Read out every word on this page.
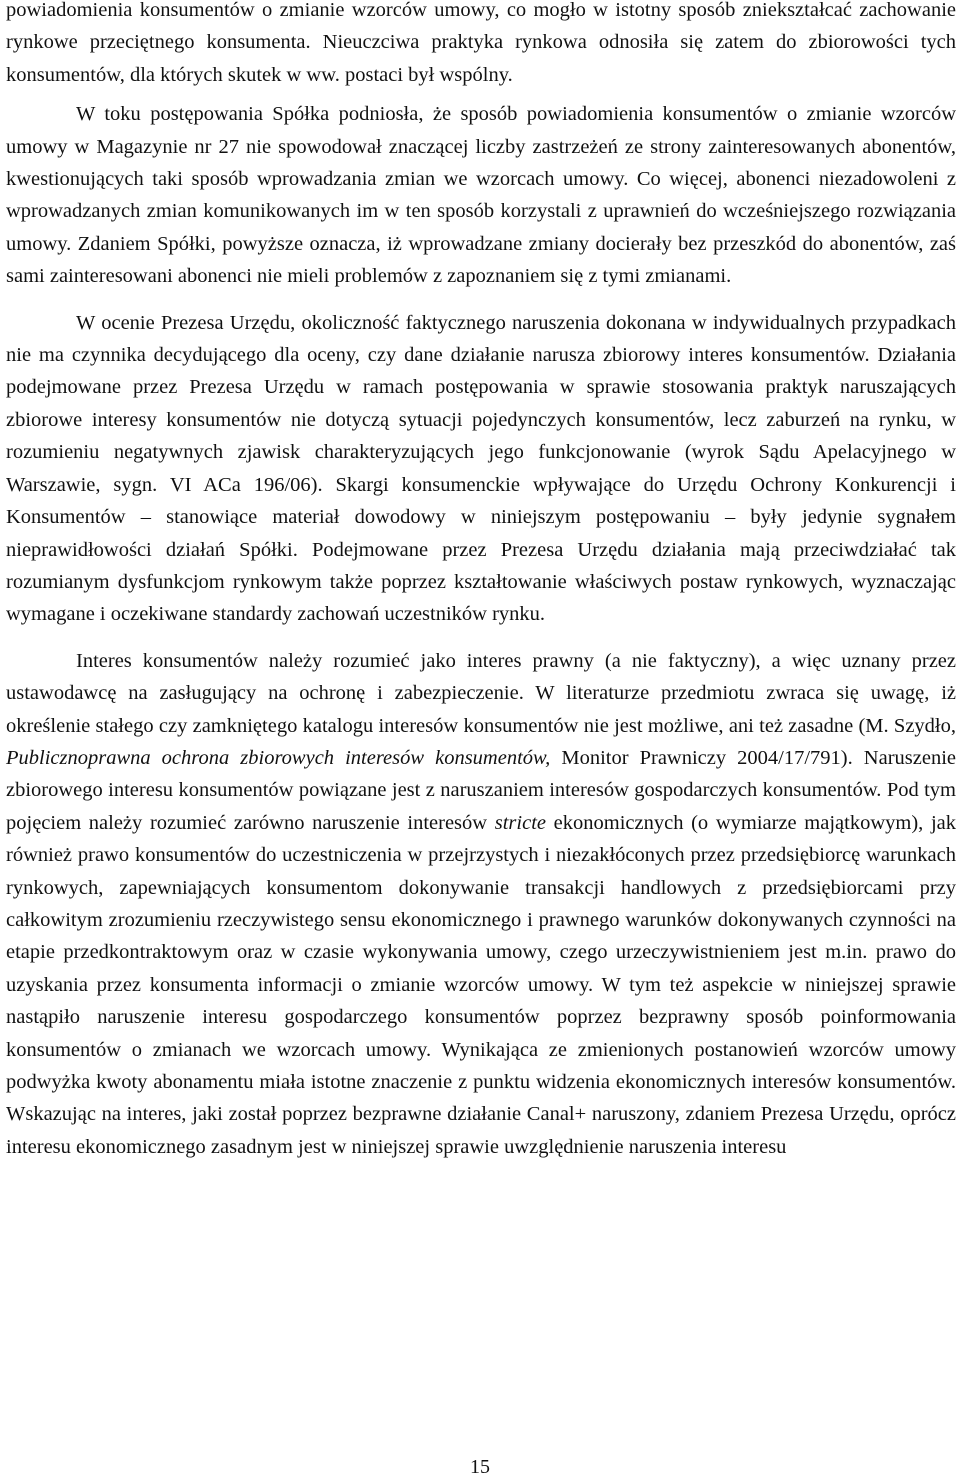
powiadomienia konsumentów o zmianie wzorców umowy, co mogło w istotny sposób zniekształcać zachowanie rynkowe przeciętnego konsumenta. Nieuczciwa praktyka rynkowa odnosiła się zatem do zbiorowości tych konsumentów, dla których skutek w ww. postaci był wspólny.

W toku postępowania Spółka podniosła, że sposób powiadomienia konsumentów o zmianie wzorców umowy w Magazynie nr 27 nie spowodował znaczącej liczby zastrzeżeń ze strony zainteresowanych abonentów, kwestionujących taki sposób wprowadzania zmian we wzorcach umowy. Co więcej, abonenci niezadowoleni z wprowadzanych zmian komunikowanych im w ten sposób korzystali z uprawnień do wcześniejszego rozwiązania umowy. Zdaniem Spółki, powyższe oznacza, iż wprowadzane zmiany docierały bez przeszkód do abonentów, zaś sami zainteresowani abonenci nie mieli problemów z zapoznaniem się z tymi zmianami.

W ocenie Prezesa Urzędu, okoliczność faktycznego naruszenia dokonana w indywidualnych przypadkach nie ma czynnika decydującego dla oceny, czy dane działanie narusza zbiorowy interes konsumentów. Działania podejmowane przez Prezesa Urzędu w ramach postępowania w sprawie stosowania praktyk naruszających zbiorowe interesy konsumentów nie dotyczą sytuacji pojedynczych konsumentów, lecz zaburzeń na rynku, w rozumieniu negatywnych zjawisk charakteryzujących jego funkcjonowanie (wyrok Sądu Apelacyjnego w Warszawie, sygn. VI ACa 196/06). Skargi konsumenckie wpływające do Urzędu Ochrony Konkurencji i Konsumentów – stanowiące materiał dowodowy w niniejszym postępowaniu – były jedynie sygnałem nieprawidłowości działań Spółki. Podejmowane przez Prezesa Urzędu działania mają przeciwdziałać tak rozumianym dysfunkcjom rynkowym także poprzez kształtowanie właściwych postaw rynkowych, wyznaczając wymagane i oczekiwane standardy zachowań uczestników rynku.

Interes konsumentów należy rozumieć jako interes prawny (a nie faktyczny), a więc uznany przez ustawodawcę na zasługujący na ochronę i zabezpieczenie. W literaturze przedmiotu zwraca się uwagę, iż określenie stałego czy zamkniętego katalogu interesów konsumentów nie jest możliwe, ani też zasadne (M. Szydło, Publicznoprawna ochrona zbiorowych interesów konsumentów, Monitor Prawniczy 2004/17/791). Naruszenie zbiorowego interesu konsumentów powiązane jest z naruszaniem interesów gospodarczych konsumentów. Pod tym pojęciem należy rozumieć zarówno naruszenie interesów stricte ekonomicznych (o wymiarze majątkowym), jak również prawo konsumentów do uczestniczenia w przejrzystych i niezakłóconych przez przedsiębiorcę warunkach rynkowych, zapewniających konsumentom dokonywanie transakcji handlowych z przedsiębiorcami przy całkowitym zrozumieniu rzeczywistego sensu ekonomicznego i prawnego warunków dokonywanych czynności na etapie przedkontraktowym oraz w czasie wykonywania umowy, czego urzeczywistnieniem jest m.in. prawo do uzyskania przez konsumenta informacji o zmianie wzorców umowy. W tym też aspekcie w niniejszej sprawie nastąpiło naruszenie interesu gospodarczego konsumentów poprzez bezprawny sposób poinformowania konsumentów o zmianach we wzorcach umowy. Wynikająca ze zmienionych postanowień wzorców umowy podwyżka kwoty abonamentu miała istotne znaczenie z punktu widzenia ekonomicznych interesów konsumentów. Wskazując na interes, jaki został poprzez bezprawne działanie Canal+ naruszony, zdaniem Prezesa Urzędu, oprócz interesu ekonomicznego zasadnym jest w niniejszej sprawie uwzględnienie naruszenia interesu

15
